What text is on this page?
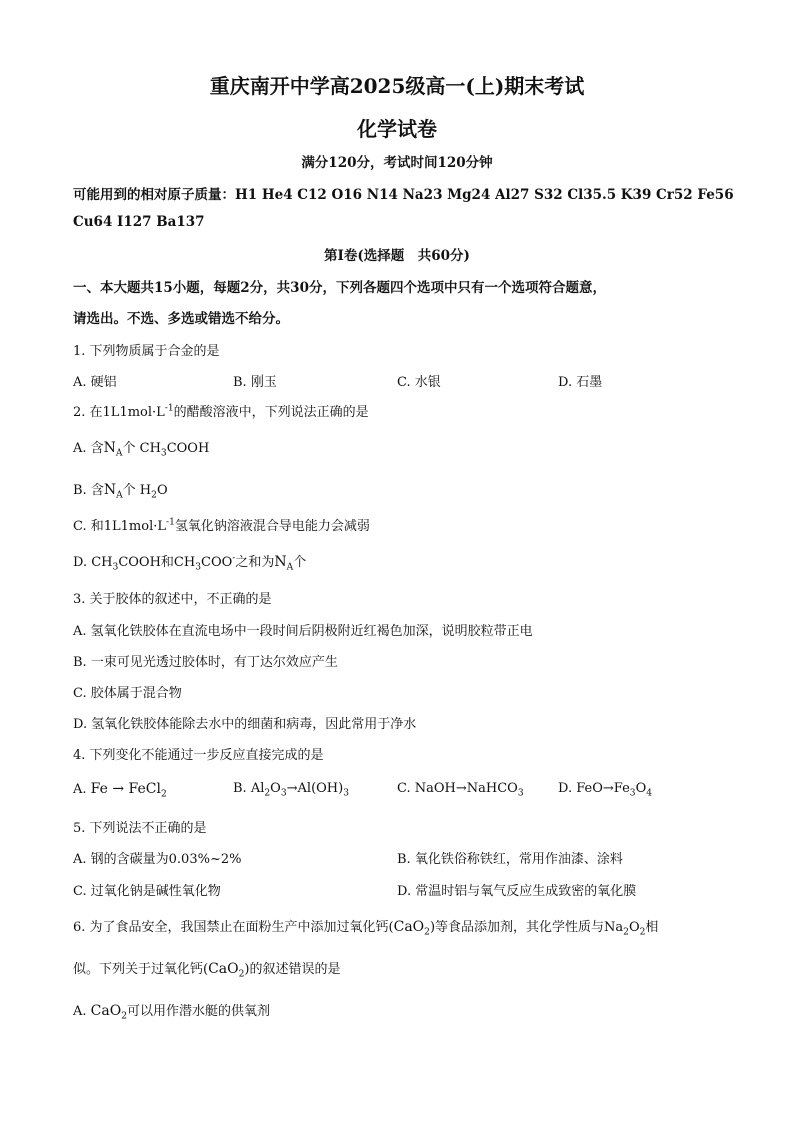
重庆南开中学高2025级高一(上)期末考试
化学试卷
满分120分，考试时间120分钟
可能用到的相对原子质量：H1 He4 C12 O16 N14 Na23 Mg24 Al27 S32 Cl35.5 K39 Cr52 Fe56
Cu64 I127 Ba137
第Ⅰ卷(选择题　共60分)
一、本大题共15小题，每题2分，共30分，下列各题四个选项中只有一个选项符合题意，
请选出。不选、多选或错选不给分。
1. 下列物质属于合金的是
A. 硬铝	B. 刚玉	C. 水银	D. 石墨
2. 在$1L1mol\cdot L^{-1}$的醋酸溶液中，下列说法正确的是
A. 含$N_A$个 $CH_3COOH$
B. 含$N_A$个 $H_2O$
C. 和$1L1mol\cdot L^{-1}$氢氧化钠溶液混合导电能力会减弱
D. $CH_3COOH$和$CH_3COO^-$之和为$N_A$个
3. 关于胶体的叙述中，不正确的是
A. 氢氧化铁胶体在直流电场中一段时间后阴极附近红褐色加深，说明胶粒带正电
B. 一束可见光透过胶体时，有丁达尔效应产生
C. 胶体属于混合物
D. 氢氧化铁胶体能除去水中的细菌和病毒，因此常用于净水
4. 下列变化不能通过一步反应直接完成的是
A. Fe → FeCl$_2$	B. $Al_2O_3\to Al(OH)_3$	C. NaOH→NaHCO$_3$	D. $FeO\to Fe_3O_4$
5. 下列说法不正确的是
A. 钢的含碳量为0.03%~2%	B. 氧化铁俗称铁红，常用作油漆、涂料
C. 过氧化钠是碱性氧化物	D. 常温时铝与氧气反应生成致密的氧化膜
6. 为了食品安全，我国禁止在面粉生产中添加过氧化钙(CaO$_2$)等食品添加剂，其化学性质与$Na_2O_2$相
似。下列关于过氧化钙(CaO$_2$)的叙述错误的是
A. CaO$_2$可以用作潜水艇的供氧剂
